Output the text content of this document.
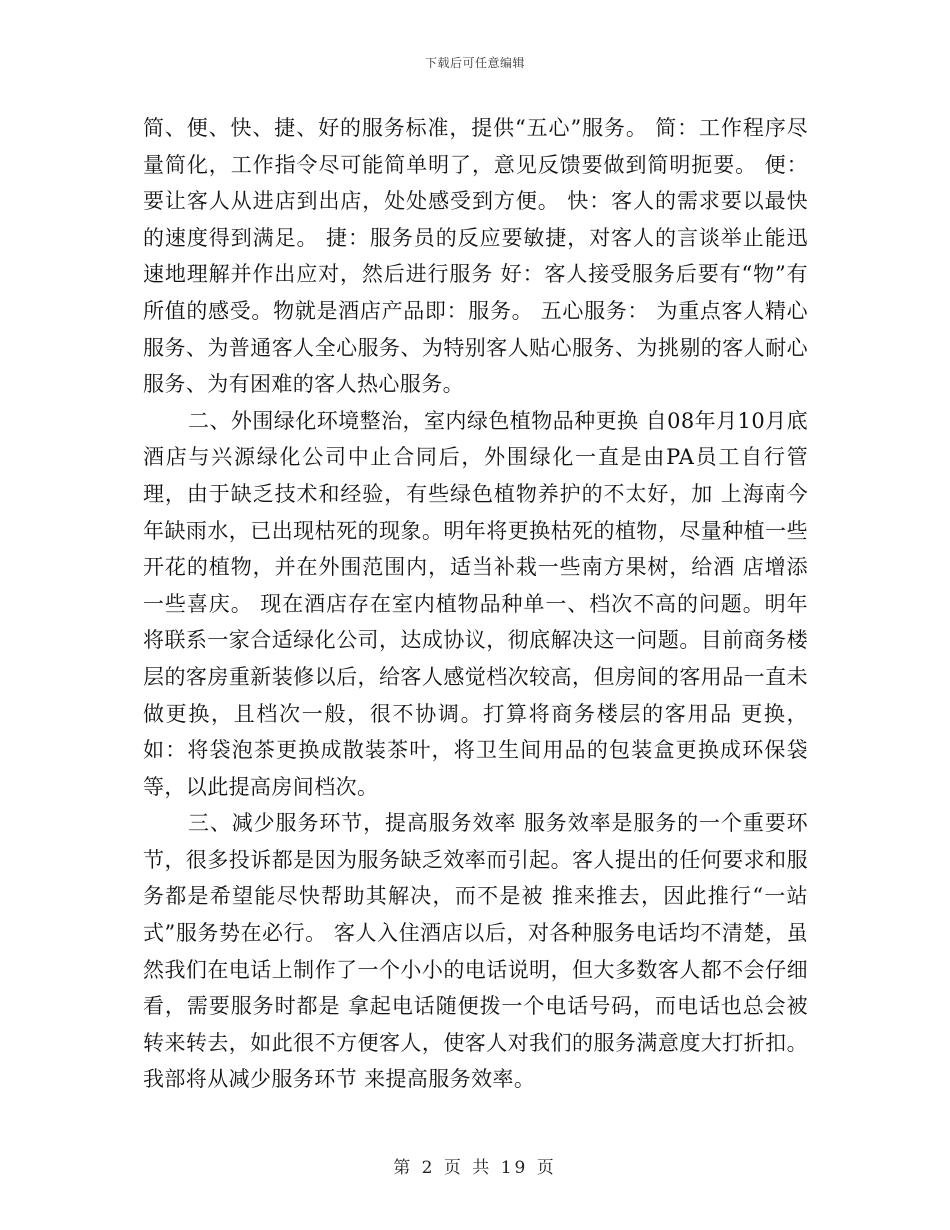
下载后可任意编辑

简、便、快、捷、好的服务标准，提供“五心”服务。 简：工作程序尽量简化，工作指令尽可能简单明了，意见反馈要做到简明扼要。 便：要让客人从进店到出店，处处感受到方便。 快：客人的需求要以最快的速度得到满足。 捷：服务员的反应要敏捷，对客人的言谈举止能迅速地理解并作出应对，然后进行服务 好：客人接受服务后要有“物”有所值的感受。物就是酒店产品即：服务。 五心服务： 为重点客人精心服务、为普通客人全心服务、为特别客人贴心服务、为挑剔的客人耐心服务、为有困难的客人热心服务。

二、外围绿化环境整治，室内绿色植物品种更换 自08年月10月底酒店与兴源绿化公司中止合同后，外围绿化一直是由PA员工自行管理，由于缺乏技术和经验，有些绿色植物养护的不太好，加 上海南今年缺雨水，已出现枯死的现象。明年将更换枯死的植物，尽量种植一些开花的植物，并在外围范围内，适当补栽一些南方果树，给酒 店增添一些喜庆。 现在酒店存在室内植物品种单一、档次不高的问题。明年将联系一家合适绿化公司，达成协议，彻底解决这一问题。目前商务楼层的客房重新装修以后，给客人感觉档次较高，但房间的客用品一直未做更换，且档次一般，很不协调。打算将商务楼层的客用品 更换，如：将袋泡茶更换成散装茶叶，将卫生间用品的包装盒更换成环保袋等，以此提高房间档次。

三、减少服务环节，提高服务效率 服务效率是服务的一个重要环节，很多投诉都是因为服务缺乏效率而引起。客人提出的任何要求和服务都是希望能尽快帮助其解决，而不是被 推来推去，因此推行“一站式”服务势在必行。 客人入住酒店以后，对各种服务电话均不清楚，虽然我们在电话上制作了一个小小的电话说明，但大多数客人都不会仔细看，需要服务时都是 拿起电话随便拨一个电话号码，而电话也总会被转来转去，如此很不方便客人，使客人对我们的服务满意度大打折扣。我部将从减少服务环节 来提高服务效率。

第 2 页 共 19 页
